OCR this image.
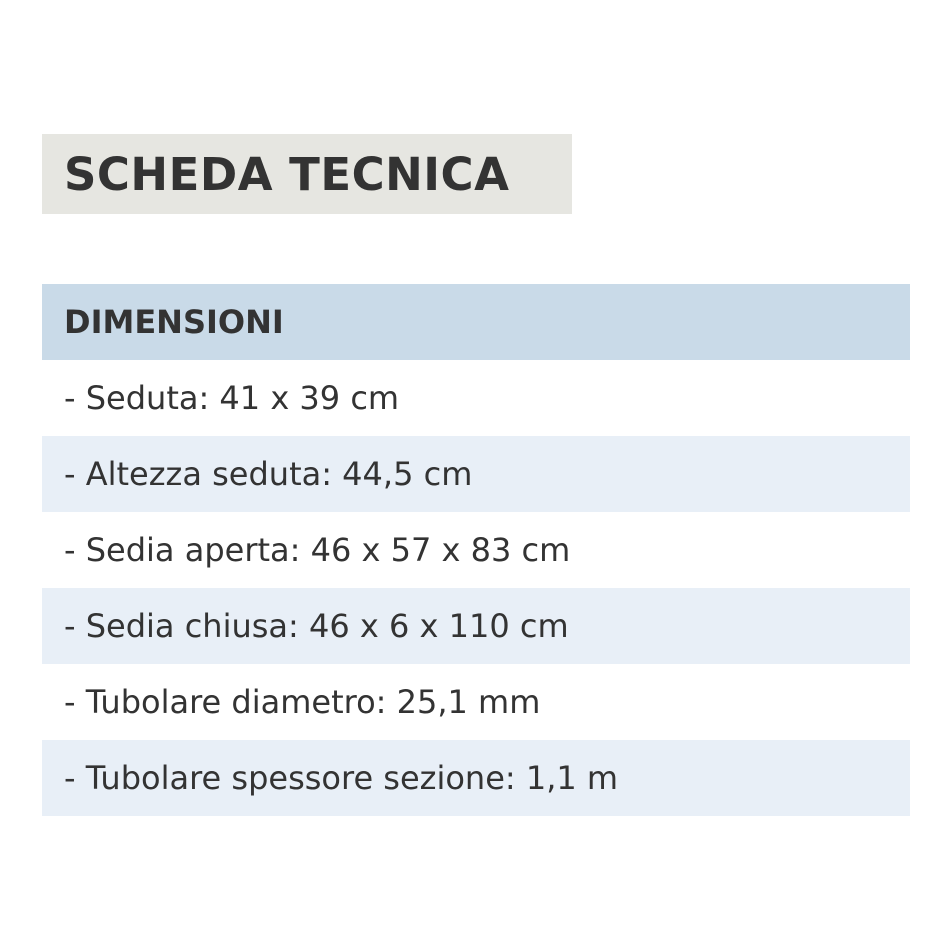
SCHEDA TECNICA
DIMENSIONI
- Seduta: 41 x 39 cm
- Altezza seduta: 44,5 cm
- Sedia aperta: 46 x 57 x 83 cm
- Sedia chiusa: 46 x 6 x 110 cm
- Tubolare diametro: 25,1 mm
- Tubolare spessore sezione: 1,1 m
